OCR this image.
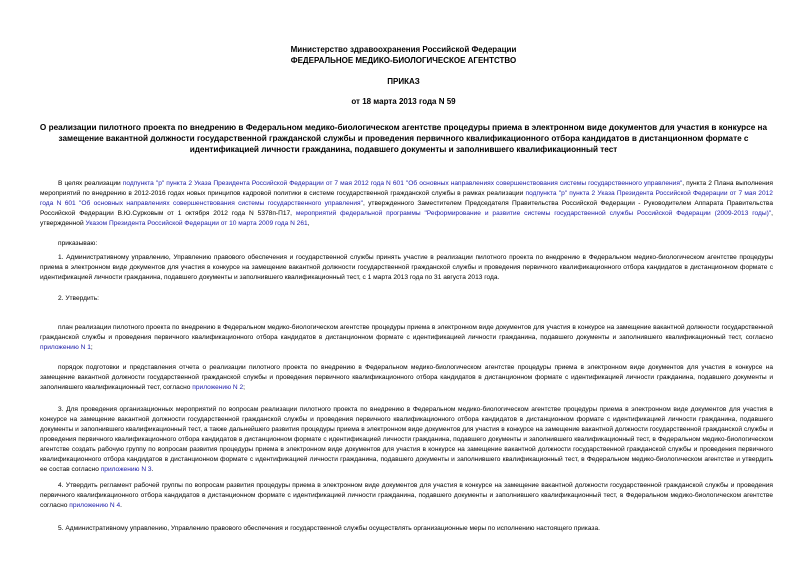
Министерство здравоохранения Российской Федерации
ФЕДЕРАЛЬНОЕ МЕДИКО-БИОЛОГИЧЕСКОЕ АГЕНТСТВО
ПРИКАЗ
от 18 марта 2013 года N 59
О реализации пилотного проекта по внедрению в Федеральном медико-биологическом агентстве процедуры приема в электронном виде документов для участия в конкурсе на замещение вакантной должности государственной гражданской службы и проведения первичного квалификационного отбора кандидатов в дистанционном формате с идентификацией личности гражданина, подавшего документы и заполнившего квалификационный тест
В целях реализации подпункта "р" пункта 2 Указа Президента Российской Федерации от 7 мая 2012 года N 601 "Об основных направлениях совершенствования системы государственного управления", пункта 2 Плана выполнения мероприятий по внедрению в 2012-2016 годах новых принципов кадровой политики в системе государственной гражданской службы в рамках реализации подпункта "р" пункта 2 Указа Президента Российской Федерации от 7 мая 2012 года N 601 "Об основных направлениях совершенствования системы государственного управления", утвержденного Заместителем Председателя Правительства Российской Федерации - Руководителем Аппарата Правительства Российской Федерации В.Ю.Сурковым от 1 октября 2012 года N 5378п-П17, мероприятий федеральной программы "Реформирование и развитие системы государственной службы Российской Федерации (2009-2013 годы)", утвержденной Указом Президента Российской Федерации от 10 марта 2009 года N 261,
приказываю:
1. Административному управлению, Управлению правового обеспечения и государственной службы принять участие в реализации пилотного проекта по внедрению в Федеральном медико-биологическом агентстве процедуры приема в электронном виде документов для участия в конкурсе на замещение вакантной должности государственной гражданской службы и проведения первичного квалификационного отбора кандидатов в дистанционном формате с идентификацией личности гражданина, подавшего документы и заполнившего квалификационный тест, с 1 марта 2013 года по 31 августа 2013 года.
2. Утвердить:
план реализации пилотного проекта по внедрению в Федеральном медико-биологическом агентстве процедуры приема в электронном виде документов для участия в конкурсе на замещение вакантной должности государственной гражданской службы и проведения первичного квалификационного отбора кандидатов в дистанционном формате с идентификацией личности гражданина, подавшего документы и заполнившего квалификационный тест, согласно приложению N 1;
порядок подготовки и представления отчета о реализации пилотного проекта по внедрению в Федеральном медико-биологическом агентстве процедуры приема в электронном виде документов для участия в конкурсе на замещение вакантной должности государственной гражданской службы и проведения первичного квалификационного отбора кандидатов в дистанционном формате с идентификацией личности гражданина, подавшего документы и заполнившего квалификационный тест, согласно приложению N 2;
3. Для проведения организационных мероприятий по вопросам реализации пилотного проекта по внедрению в Федеральном медико-биологическом агентстве процедуры приема в электронном виде документов для участия в конкурсе на замещение вакантной должности государственной гражданской службы и проведения первичного квалификационного отбора кандидатов в дистанционном формате с идентификацией личности гражданина, подавшего документы и заполнившего квалификационный тест, а также дальнейшего развития процедуры приема в электронном виде документов для участия в конкурсе на замещение вакантной должности государственной гражданской службы и проведения первичного квалификационного отбора кандидатов в дистанционном формате с идентификацией личности гражданина, подавшего документы и заполнившего квалификационный тест, в Федеральном медико-биологическом агентстве создать рабочую группу по вопросам развития процедуры приема в электронном виде документов для участия в конкурсе на замещение вакантной должности государственной гражданской службы и проведения первичного квалификационного отбора кандидатов в дистанционном формате с идентификацией личности гражданина, подавшего документы и заполнившего квалификационный тест, в Федеральном медико-биологическом агентстве и утвердить ее состав согласно приложению N 3.
4. Утвердить регламент рабочей группы по вопросам развития процедуры приема в электронном виде документов для участия в конкурсе на замещение вакантной должности государственной гражданской службы и проведения первичного квалификационного отбора кандидатов в дистанционном формате с идентификацией личности гражданина, подавшего документы и заполнившего квалификационный тест, в Федеральном медико-биологическом агентстве согласно приложению N 4.
5. Административному управлению, Управлению правового обеспечения и государственной службы осуществлять организационные меры по исполнению настоящего приказа.
